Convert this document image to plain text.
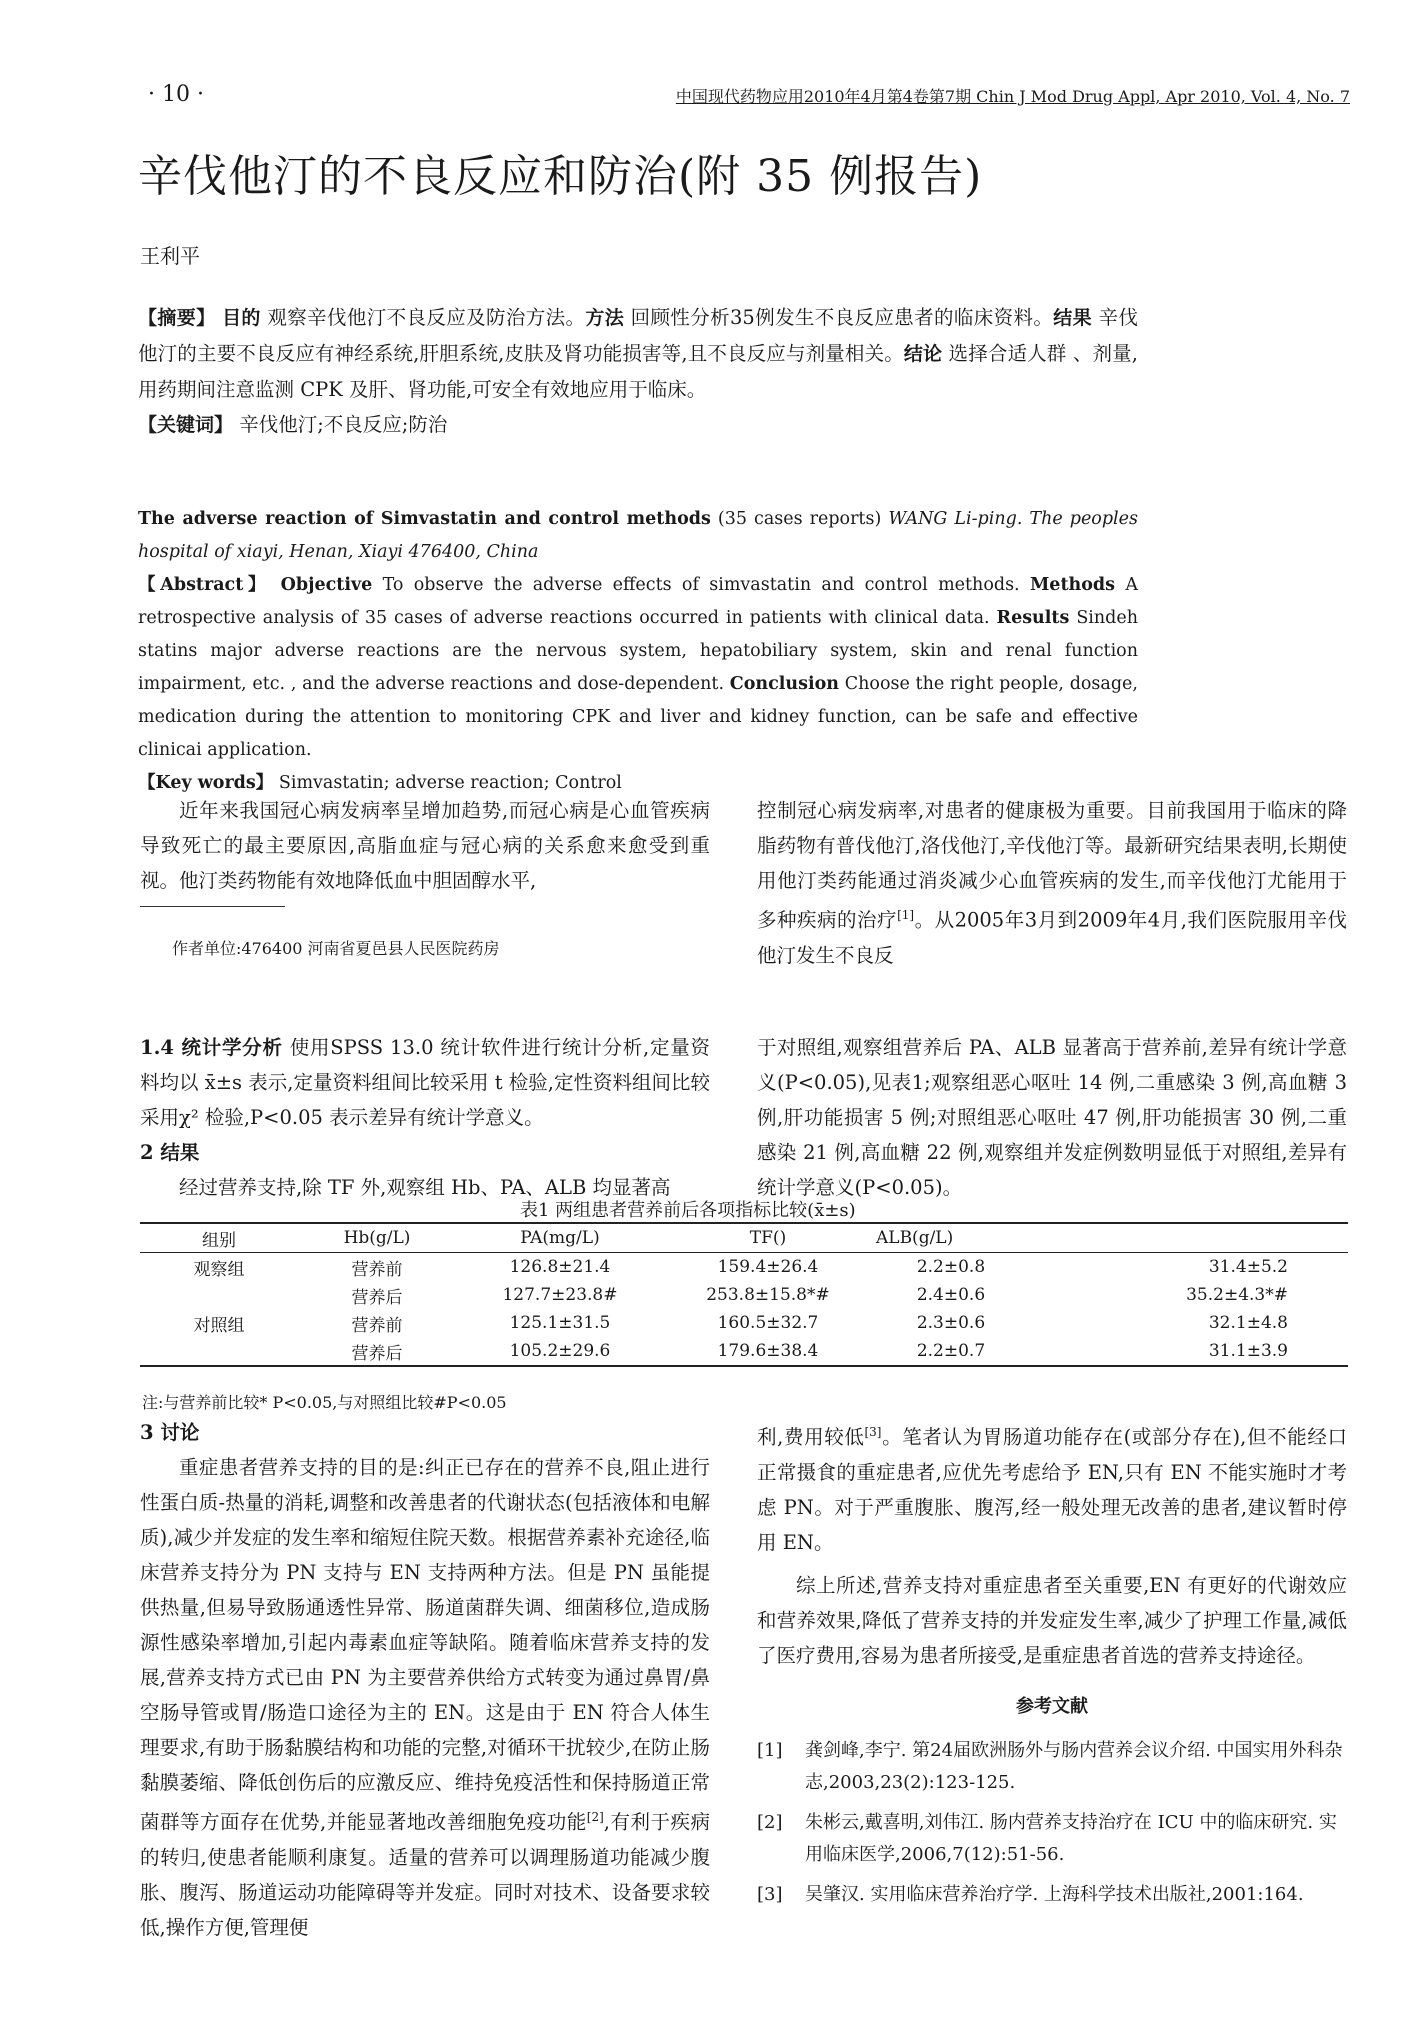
· 10 ·	中国现代药物应用2010年4月第4卷第7期 Chin J Mod Drug Appl, Apr 2010, Vol. 4, No. 7
辛伐他汀的不良反应和防治(附 35 例报告)
王利平
【摘要】 目的 观察辛伐他汀不良反应及防治方法。方法 回顾性分析35例发生不良反应患者的临床资料。结果 辛伐他汀的主要不良反应有神经系统,肝胆系统,皮肤及肾功能损害等,且不良反应与剂量相关。结论 选择合适人群 、剂量,用药期间注意监测 CPK 及肝、肾功能,可安全有效地应用于临床。
【关键词】 辛伐他汀;不良反应;防治
The adverse reaction of Simvastatin and control methods (35 cases reports) WANG Li-ping. The peoples hospital of xiayi, Henan, Xiayi 476400, China
【Abstract】 Objective To observe the adverse effects of simvastatin and control methods. Methods A retrospective analysis of 35 cases of adverse reactions occurred in patients with clinical data. Results Sindeh statins major adverse reactions are the nervous system, hepatobiliary system, skin and renal function impairment, etc. , and the adverse reactions and dose-dependent. Conclusion Choose the right people, dosage, medication during the attention to monitoring CPK and liver and kidney function, can be safe and effective clinicai application.
【Key words】 Simvastatin; adverse reaction; Control
近年来我国冠心病发病率呈增加趋势,而冠心病是心血管疾病导致死亡的最主要原因,高脂血症与冠心病的关系愈来愈受到重视。他汀类药物能有效地降低血中胆固醇水平,
作者单位:476400 河南省夏邑县人民医院药房
控制冠心病发病率,对患者的健康极为重要。目前我国用于临床的降脂药物有普伐他汀,洛伐他汀,辛伐他汀等。最新研究结果表明,长期使用他汀类药能通过消炎减少心血管疾病的发生,而辛伐他汀尤能用于多种疾病的治疗[1]。从2005年3月到2009年4月,我们医院服用辛伐他汀发生不良反
1.4 统计学分析 使用SPSS 13.0 统计软件进行统计分析,定量资料均以 x̄±s 表示,定量资料组间比较采用 t 检验,定性资料组间比较采用χ² 检验,P<0.05 表示差异有统计学意义。
2 结果
经过营养支持,除 TF 外,观察组 Hb、PA、ALB 均显著高
于对照组,观察组营养后 PA、ALB 显著高于营养前,差异有统计学意义(P<0.05),见表1;观察组恶心呕吐 14 例,二重感染 3 例,高血糖 3 例,肝功能损害 5 例;对照组恶心呕吐 47 例,肝功能损害 30 例,二重感染 21 例,高血糖 22 例,观察组并发症例数明显低于对照组,差异有统计学意义(P<0.05)。
表1 两组患者营养前后各项指标比较(x̄±s)
组别	Hb(g/L)	PA(mg/L)	TF()	ALB(g/L)	
观察组	营养前	126.8±21.4	159.4±26.4	2.2±0.8	31.4±5.2
	营养后	127.7±23.8#	253.8±15.8*#	2.4±0.6	35.2±4.3*#
对照组	营养前	125.1±31.5	160.5±32.7	2.3±0.6	32.1±4.8
	营养后	105.2±29.6	179.6±38.4	2.2±0.7	31.1±3.9
注:与营养前比较* P<0.05,与对照组比较#P<0.05
3 讨论
重症患者营养支持的目的是:纠正已存在的营养不良,阻止进行性蛋白质-热量的消耗,调整和改善患者的代谢状态(包括液体和电解质),减少并发症的发生率和缩短住院天数。根据营养素补充途径,临床营养支持分为 PN 支持与 EN 支持两种方法。但是 PN 虽能提供热量,但易导致肠通透性异常、肠道菌群失调、细菌移位,造成肠源性感染率增加,引起内毒素血症等缺陷。随着临床营养支持的发展,营养支持方式已由 PN 为主要营养供给方式转变为通过鼻胃/鼻空肠导管或胃/肠造口途径为主的 EN。这是由于 EN 符合人体生理要求,有助于肠黏膜结构和功能的完整,对循环干扰较少,在防止肠黏膜萎缩、降低创伤后的应激反应、维持免疫活性和保持肠道正常菌群等方面存在优势,并能显著地改善细胞免疫功能[2],有利于疾病的转归,使患者能顺利康复。适量的营养可以调理肠道功能减少腹胀、腹泻、肠道运动功能障碍等并发症。同时对技术、设备要求较低,操作方便,管理便
利,费用较低[3]。笔者认为胃肠道功能存在(或部分存在),但不能经口正常摄食的重症患者,应优先考虑给予 EN,只有 EN 不能实施时才考虑 PN。对于严重腹胀、腹泻,经一般处理无改善的患者,建议暂时停用 EN。
综上所述,营养支持对重症患者至关重要,EN 有更好的代谢效应和营养效果,降低了营养支持的并发症发生率,减少了护理工作量,减低了医疗费用,容易为患者所接受,是重症患者首选的营养支持途径。
参考文献
[1]	龚剑峰,李宁. 第24届欧洲肠外与肠内营养会议介绍. 中国实用外科杂志,2003,23(2):123-125.
[2]	朱彬云,戴喜明,刘伟江. 肠内营养支持治疗在 ICU 中的临床研究. 实用临床医学,2006,7(12):51-56.
[3]	吴肇汉. 实用临床营养治疗学. 上海科学技术出版社,2001:164.
